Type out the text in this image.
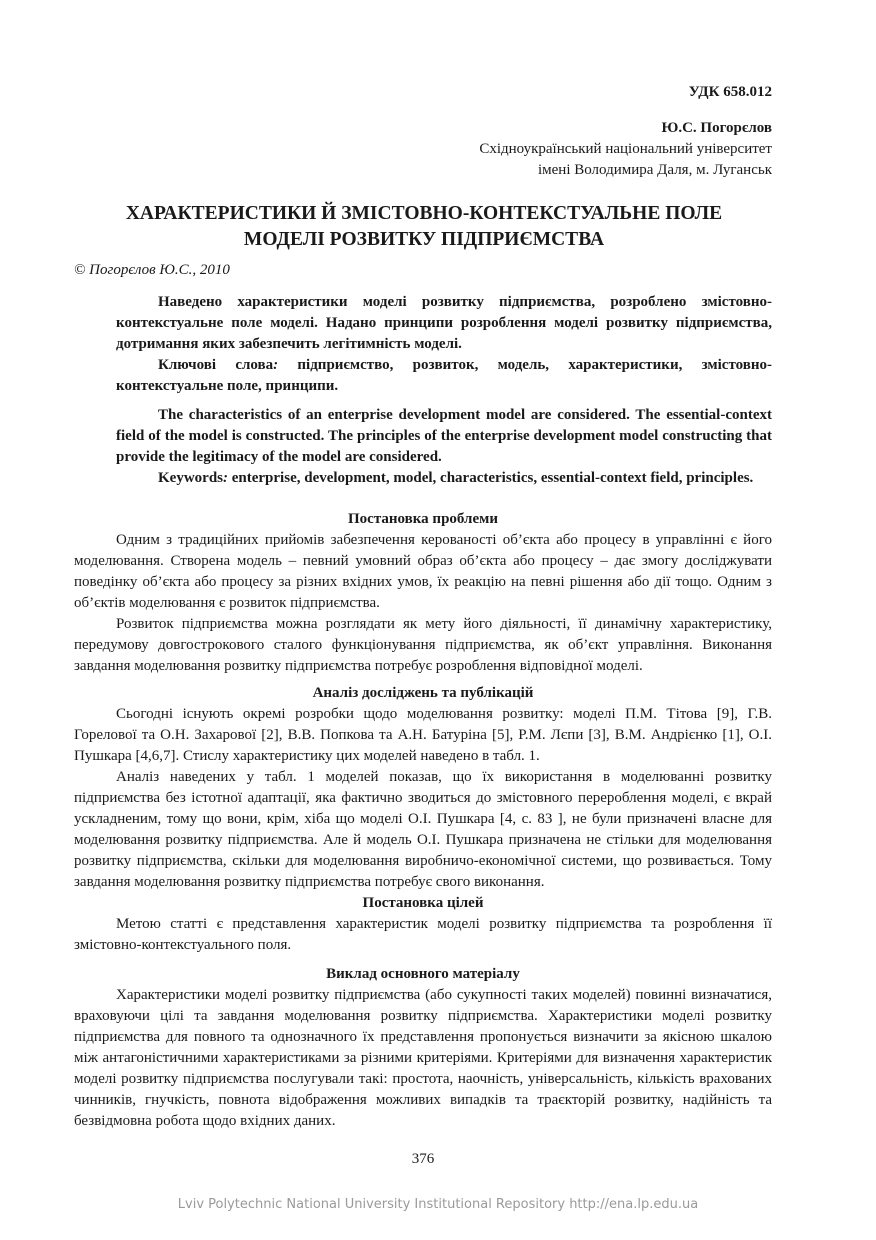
УДК 658.012
Ю.С. Погорєлов
Східноукраїнський національний університет
імені Володимира Даля, м. Луганськ
ХАРАКТЕРИСТИКИ Й ЗМІСТОВНО-КОНТЕКСТУАЛЬНЕ ПОЛЕ
МОДЕЛІ РОЗВИТКУ ПІДПРИЄМСТВА
© Погорєлов Ю.С., 2010

Наведено характеристики моделі розвитку підприємства, розроблено змістовно-контекстуальне поле моделі. Надано принципи розроблення моделі розвитку підприємства, дотримання яких забезпечить легітимність моделі.

Ключові слова: підприємство, розвиток, модель, характеристики, змістовно-контекстуальне поле, принципи.

The characteristics of an enterprise development model are considered. The essential-context field of the model is constructed. The principles of the enterprise development model constructing that provide the legitimacy of the model are considered.

Keywords: enterprise, development, model, characteristics, essential-context field, principles.

Постановка проблеми

Одним з традиційних прийомів забезпечення керованості об’єкта або процесу в управлінні є його моделювання. Створена модель – певний умовний образ об’єкта або процесу – дає змогу досліджувати поведінку об’єкта або процесу за різних вхідних умов, їх реакцію на певні рішення або дії тощо. Одним з об’єктів моделювання є розвиток підприємства.

Розвиток підприємства можна розглядати як мету його діяльності, її динамічну характеристику, передумову довгострокового сталого функціонування підприємства, як об’єкт управління. Виконання завдання моделювання розвитку підприємства потребує розроблення відповідної моделі.

Аналіз досліджень та публікацій

Сьогодні існують окремі розробки щодо моделювання розвитку: моделі П.М. Тітова [9], Г.В. Горелової та О.Н. Захарової [2], В.В. Попкова та А.Н. Батуріна [5], Р.М. Лєпи [3], В.М. Андрієнко [1], О.І. Пушкара [4,6,7]. Стислу характеристику цих моделей наведено в табл. 1.

Аналіз наведених у табл. 1 моделей показав, що їх використання в моделюванні розвитку підприємства без істотної адаптації, яка фактично зводиться до змістовного перероблення моделі, є вкрай ускладненим, тому що вони, крім, хіба що моделі О.І. Пушкара [4, с. 83 ], не були призначені власне для моделювання розвитку підприємства. Але й модель О.І. Пушкара призначена не стільки для моделювання розвитку підприємства, скільки для моделювання виробничо-економічної системи, що розвивається. Тому завдання моделювання розвитку підприємства потребує свого виконання.

Постановка цілей

Метою статті є представлення характеристик моделі розвитку підприємства та розроблення її змістовно-контекстуального поля.

Виклад основного матеріалу

Характеристики моделі розвитку підприємства (або сукупності таких моделей) повинні визначатися, враховуючи цілі та завдання моделювання розвитку підприємства. Характеристики моделі розвитку підприємства для повного та однозначного їх представлення пропонується визначити за якісною шкалою між антагоністичними характеристиками за різними критеріями. Критеріями для визначення характеристик моделі розвитку підприємства послугували такі: простота, наочність, універсальність, кількість врахованих чинників, гнучкість, повнота відображення можливих випадків та траєкторій розвитку, надійність та безвідмовна робота щодо вхідних даних.

376
Lviv Polytechnic National University Institutional Repository http://ena.lp.edu.ua
